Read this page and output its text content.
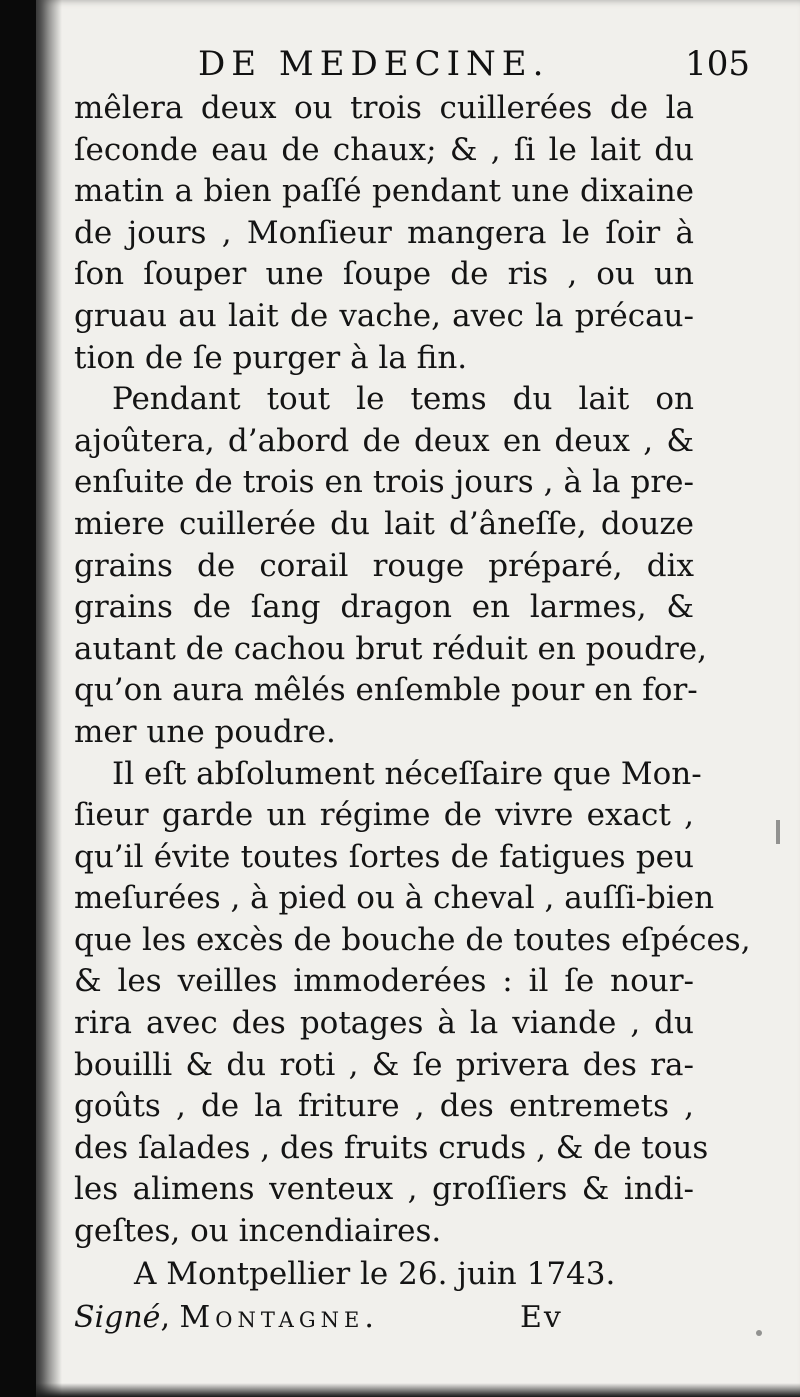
DE MEDECINE.	105
mêlera deux ou trois cuillerées de la
ſeconde eau de chaux; & , ſi le lait du
matin a bien paſſé pendant une dixaine
de jours , Monſieur mangera le ſoir à
ſon ſouper une ſoupe de ris , ou un
gruau au lait de vache, avec la précau-
tion de ſe purger à la fin.
Pendant tout le tems du lait on
ajoûtera, d’abord de deux en deux , &
enſuite de trois en trois jours , à la pre-
miere cuillerée du lait d’âneſſe, douze
grains de corail rouge préparé, dix
grains de ſang dragon en larmes, &
autant de cachou brut réduit en poudre,
qu’on aura mêlés enſemble pour en for-
mer une poudre.
Il eſt abſolument néceſſaire que Mon-
ſieur garde un régime de vivre exact ,
qu’il évite toutes ſortes de fatigues peu
meſurées , à pied ou à cheval , auſſi-bien
que les excès de bouche de toutes eſpéces,
& les veilles immoderées : il ſe nour-
rira avec des potages à la viande , du
bouilli & du roti , & ſe privera des ra-
goûts , de la friture , des entremets ,
des ſalades , des fruits cruds , & de tous
les alimens venteux , groſſiers & indi-
geſtes, ou incendiaires.
A Montpellier le 26. juin 1743.
Signé, Montagne.	Ev
